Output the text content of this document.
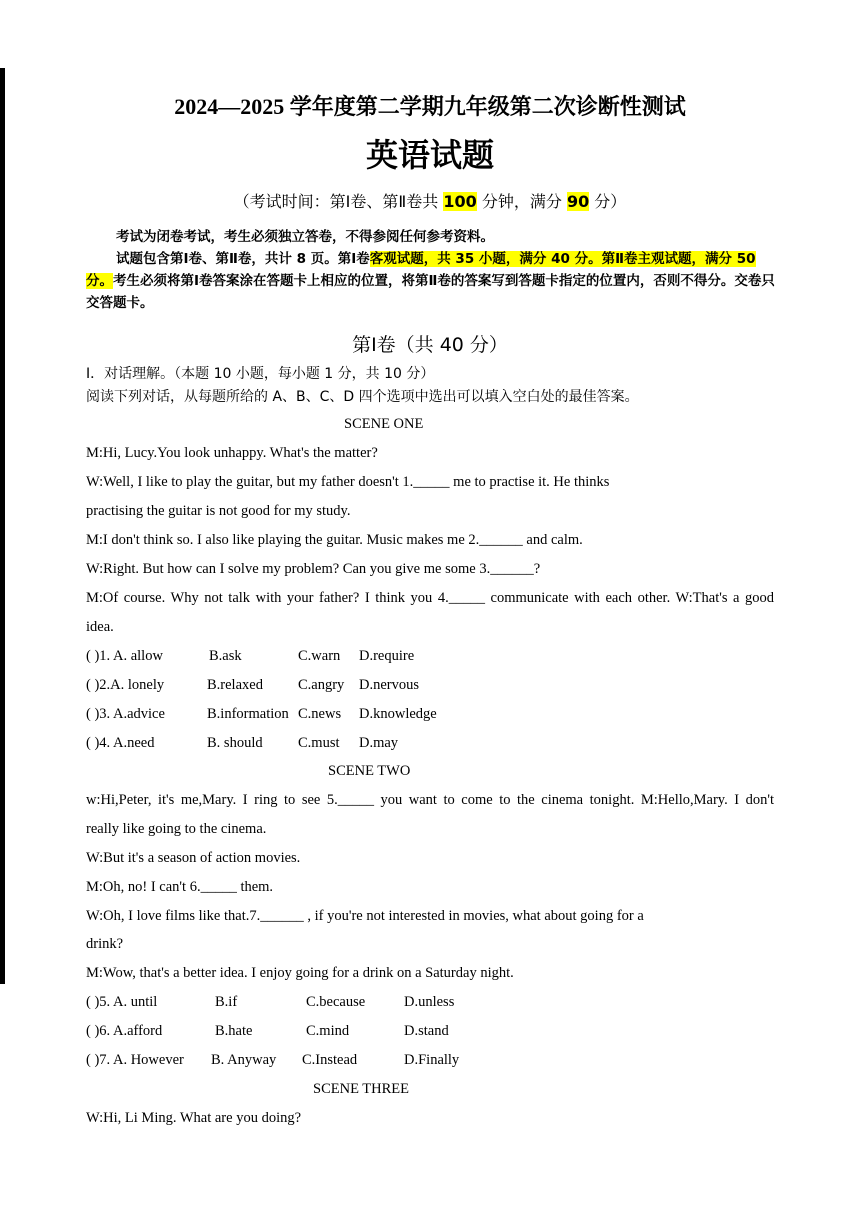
2024—2025 学年度第二学期九年级第二次诊断性测试
英语试题
（考试时间：第Ⅰ卷、第Ⅱ卷共 100 分钟，满分 90 分）
考试为闭卷考试，考生必须独立答卷，不得参阅任何参考资料。
试题包含第Ⅰ卷、第Ⅱ卷，共计 8 页。第Ⅰ卷客观试题，共 35 小题，满分 40 分。第Ⅱ卷主观试题，满分 50 分。考生必须将第Ⅰ卷答案涂在答题卡上相应的位置，将第Ⅱ卷的答案写到答题卡指定的位置内，否则不得分。交卷只交答题卡。
第Ⅰ卷（共 40 分）
I．对话理解。（本题 10 小题，每小题 1 分，共 10 分）
阅读下列对话，从每题所给的 A、B、C、D 四个选项中选出可以填入空白处的最佳答案。
SCENE ONE
M:Hi, Lucy.You look unhappy. What's the matter?
W:Well, I like to play the guitar, but my father doesn't 1._____ me to practise it. He thinks
practising the guitar is not good for my study.
M:I don't think so. I also like playing the guitar. Music makes me 2.______ and calm.
W:Right. But how can I solve my problem? Can you give me some 3.______?
M:Of course. Why not talk with your father? I think you 4._____ communicate with each other. W:That's a good
idea.
( )1. A. allow	B.ask	C.warn D.require
( )2.A. lonely	B.relaxed C.angry D.nervous
( )3. A.advice	B.information C.news D.knowledge
( )4. A.need	B. should C.must D.may
SCENE TWO
w:Hi,Peter, it's me,Mary. I ring to see 5._____ you want to come to the cinema tonight. M:Hello,Mary. I don't
really like going to the cinema.
W:But it's a season of action movies.
M:Oh, no! I can't 6._____ them.
W:Oh, I love films like that.7.______ , if you're not interested in movies, what about going for a
drink?
M:Wow, that's a better idea. I enjoy going for a drink on a Saturday night.
( )5. A. until	B.if	C.because	D.unless
( )6. A.afford	B.hate	C.mind	D.stand
( )7. A. However B. Anyway C.Instead	D.Finally
SCENE THREE
W:Hi, Li Ming. What are you doing?
